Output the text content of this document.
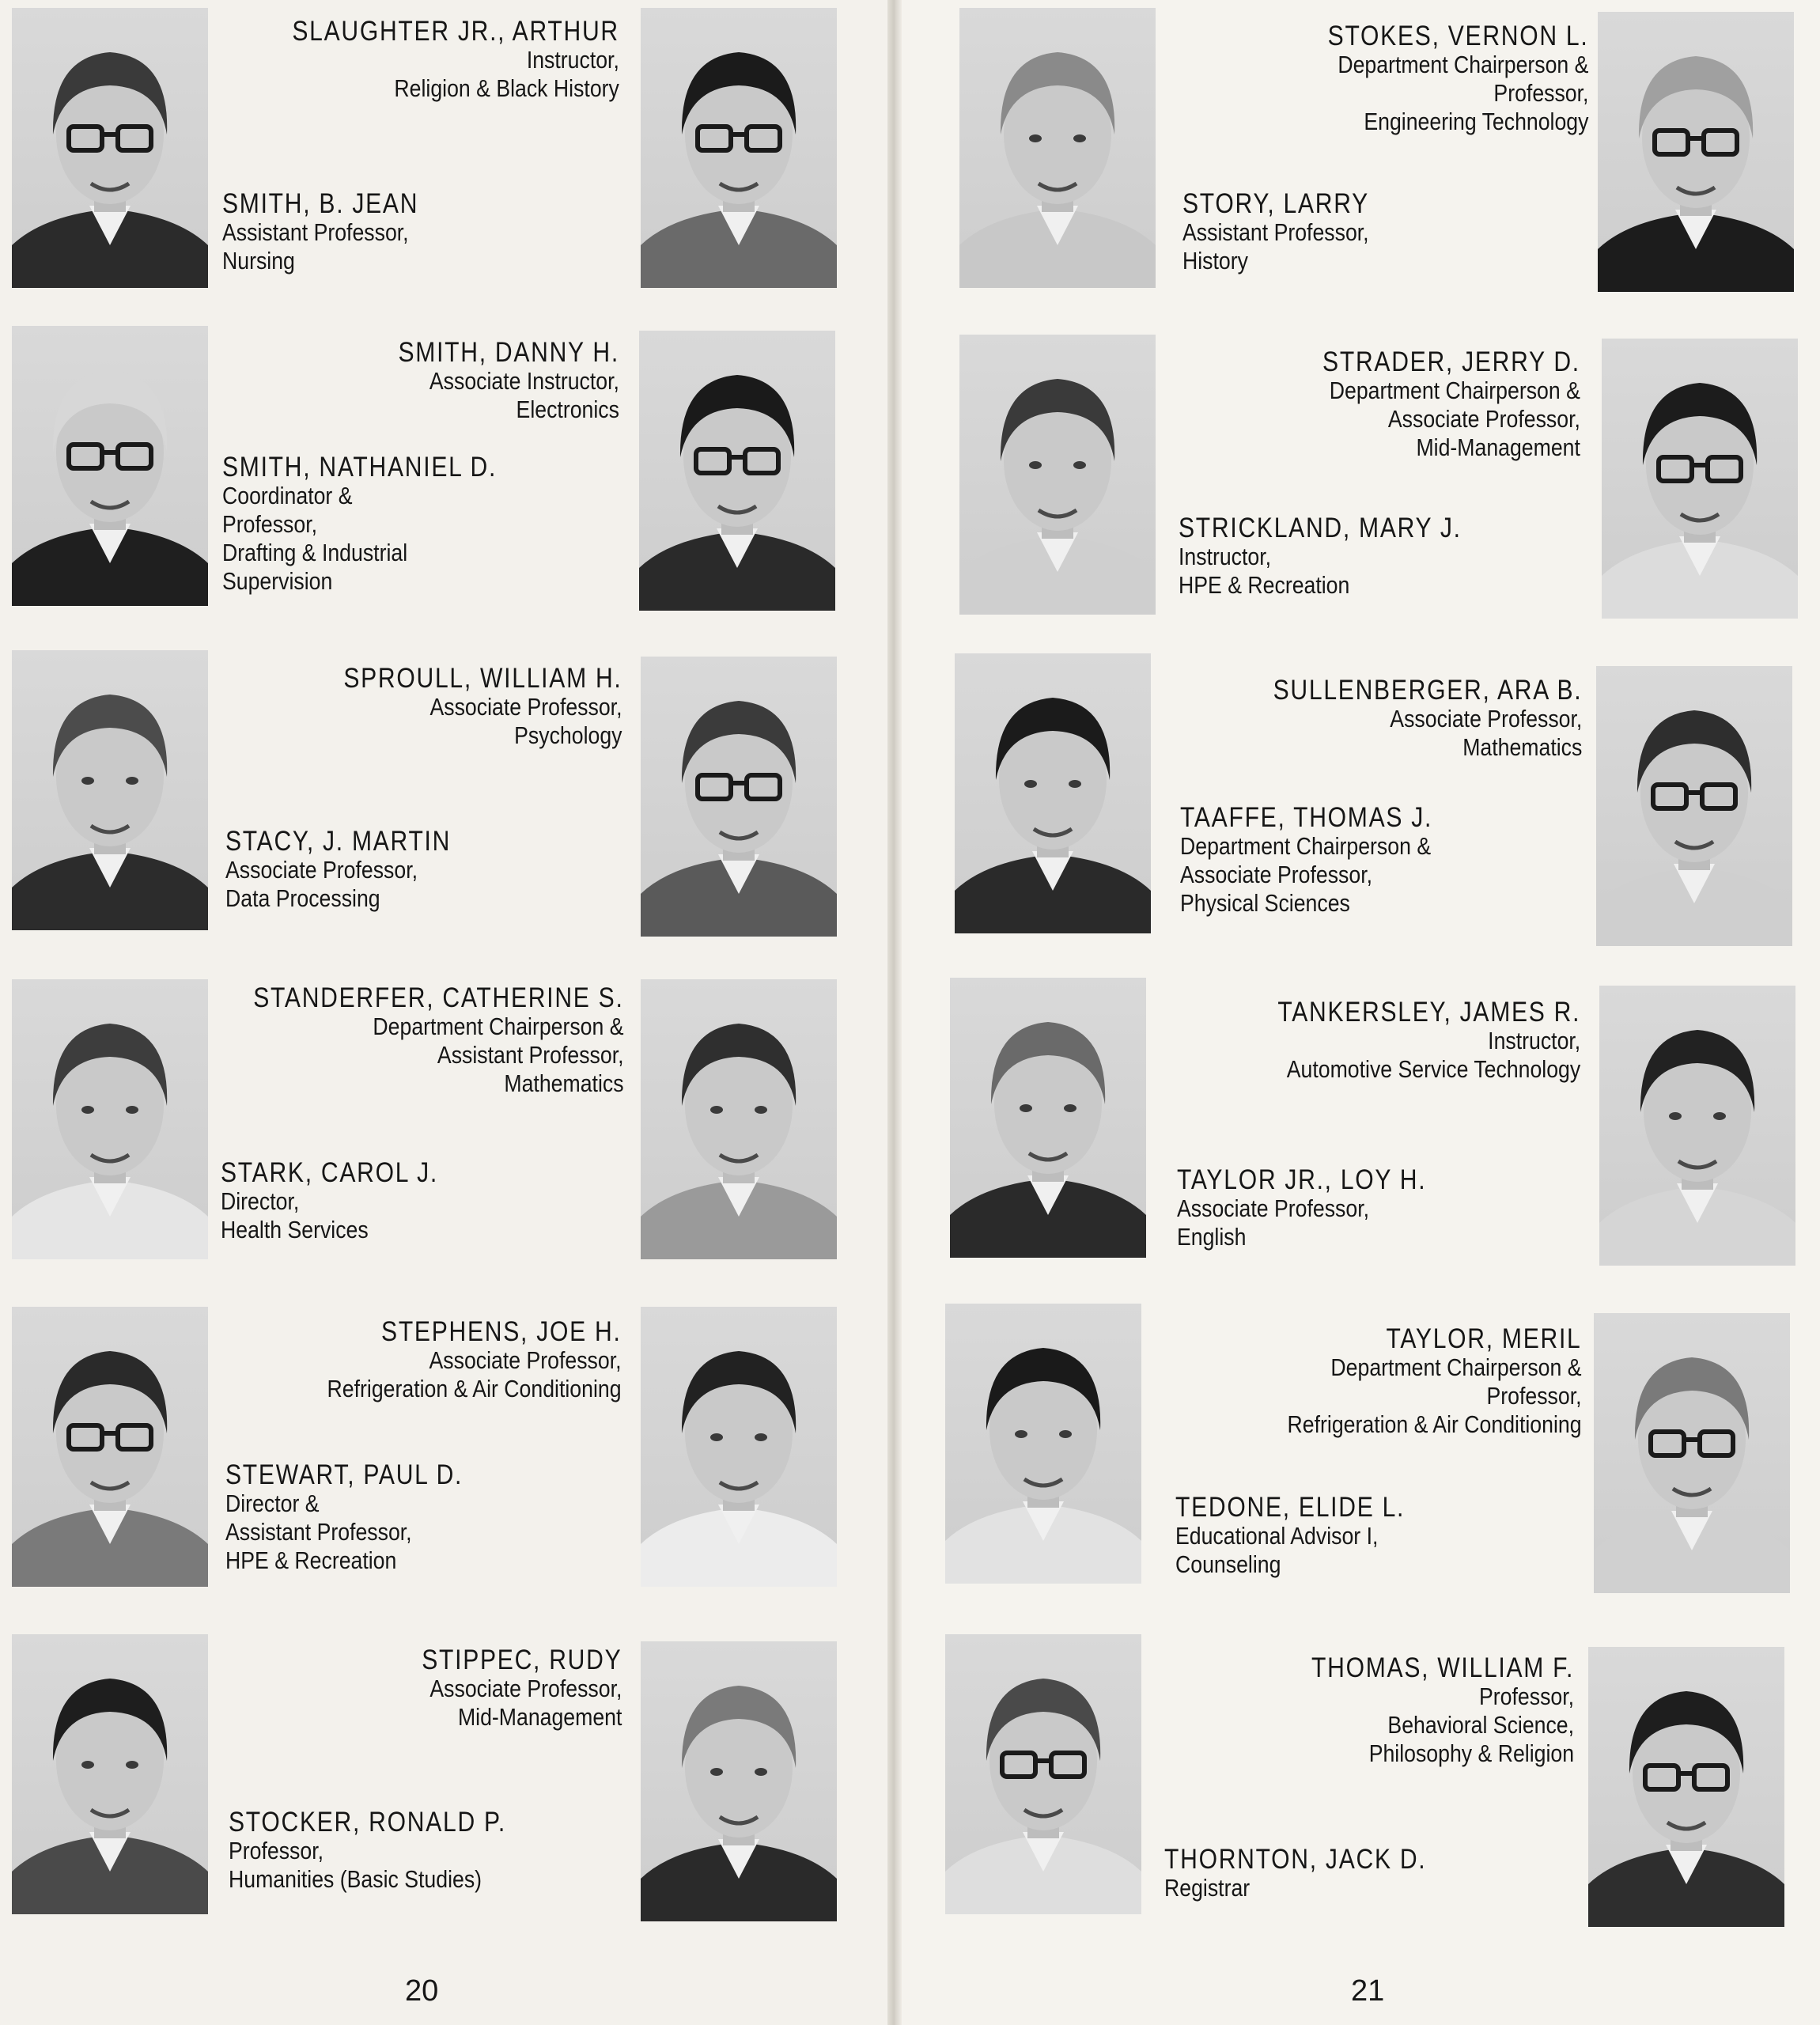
SLAUGHTER JR., ARTHUR
Instructor,
Religion & Black History
SMITH, B. JEAN
Assistant Professor,
Nursing
SMITH, DANNY H.
Associate Instructor,
Electronics
SMITH, NATHANIEL D.
Coordinator &
Professor,
Drafting & Industrial
Supervision
SPROULL, WILLIAM H.
Associate Professor,
Psychology
STACY, J. MARTIN
Associate Professor,
Data Processing
STANDERFER, CATHERINE S.
Department Chairperson &
Assistant Professor,
Mathematics
STARK, CAROL J.
Director,
Health Services
STEPHENS, JOE H.
Associate Professor,
Refrigeration & Air Conditioning
STEWART, PAUL D.
Director &
Assistant Professor,
HPE & Recreation
STIPPEC, RUDY
Associate Professor,
Mid-Management
STOCKER, RONALD P.
Professor,
Humanities (Basic Studies)
20
STOKES, VERNON L.
Department Chairperson &
Professor,
Engineering Technology
STORY, LARRY
Assistant Professor,
History
STRADER, JERRY D.
Department Chairperson &
Associate Professor,
Mid-Management
STRICKLAND, MARY J.
Instructor,
HPE & Recreation
SULLENBERGER, ARA B.
Associate Professor,
Mathematics
TAAFFE, THOMAS J.
Department Chairperson &
Associate Professor,
Physical Sciences
TANKERSLEY, JAMES R.
Instructor,
Automotive Service Technology
TAYLOR JR., LOY H.
Associate Professor,
English
TAYLOR, MERIL
Department Chairperson &
Professor,
Refrigeration & Air Conditioning
TEDONE, ELIDE L.
Educational Advisor I,
Counseling
THOMAS, WILLIAM F.
Professor,
Behavioral Science,
Philosophy & Religion
THORNTON, JACK D.
Registrar
21
